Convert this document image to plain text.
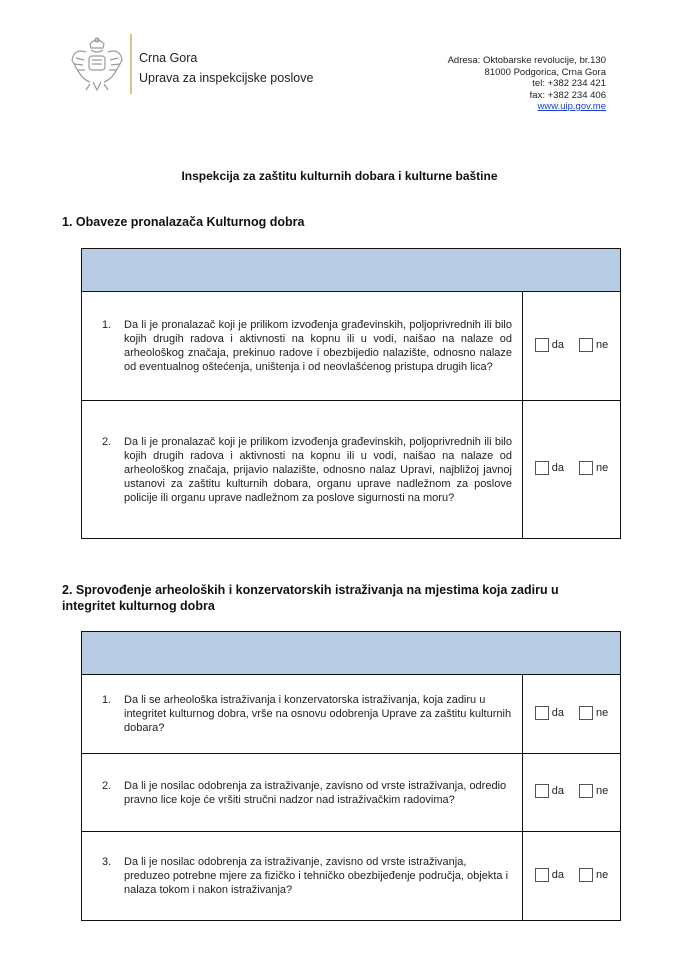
Crna Gora
Uprava za inspekcijske poslove
Adresa: Oktobarske revolucije, br.130
81000 Podgorica, Crna Gora
tel: +382 234 421
fax: +382 234 406
www.uip.gov.me
Inspekcija za zaštitu kulturnih dobara i kulturne baštine
1. Obaveze pronalazača Kulturnog dobra

1. Da li je pronalazač koji je prilikom izvođenja građevinskih, poljoprivrednih ili bilo kojih drugih radova i aktivnosti na kopnu ili u vodi, naišao na nalaze od arheološkog značaja, prekinuo radove i obezbijedio nalazište, odnosno nalaze od eventualnog oštećenja, uništenja i od neovlašćenog pristupa drugih lica?	da
ne

2. Da li je pronalazač koji je prilikom izvođenja građevinskih, poljoprivrednih ili bilo kojih drugih radova i aktivnosti na kopnu ili u vodi, naišao na nalaze od arheološkog značaja, prijavio nalazište, odnosno nalaz Upravi, najbližoj javnoj ustanovi za zaštitu kulturnih dobara, organu uprave nadležnom za poslove policije ili organu uprave nadležnom za poslove sigurnosti na moru?	da
ne
2. Sprovođenje arheoloških i konzervatorskih istraživanja na mjestima koja zadiru u integritet kulturnog dobra

1. Da li se arheološka istraživanja i konzervatorska istraživanja, koja zadiru u integritet kulturnog dobra, vrše na osnovu odobrenja Uprave za zaštitu kulturnih dobara?	da
ne

2. Da li je nosilac odobrenja za istraživanje, zavisno od vrste istraživanja, odredio pravno lice koje će vršiti stručni nadzor nad istraživačkim radovima?	da
ne

3. Da li je nosilac odobrenja za istraživanje, zavisno od vrste istraživanja, preduzeo potrebne mjere za fizičko i tehničko obezbijeđenje područja, objekta i nalaza tokom i nakon istraživanja?	da
ne
